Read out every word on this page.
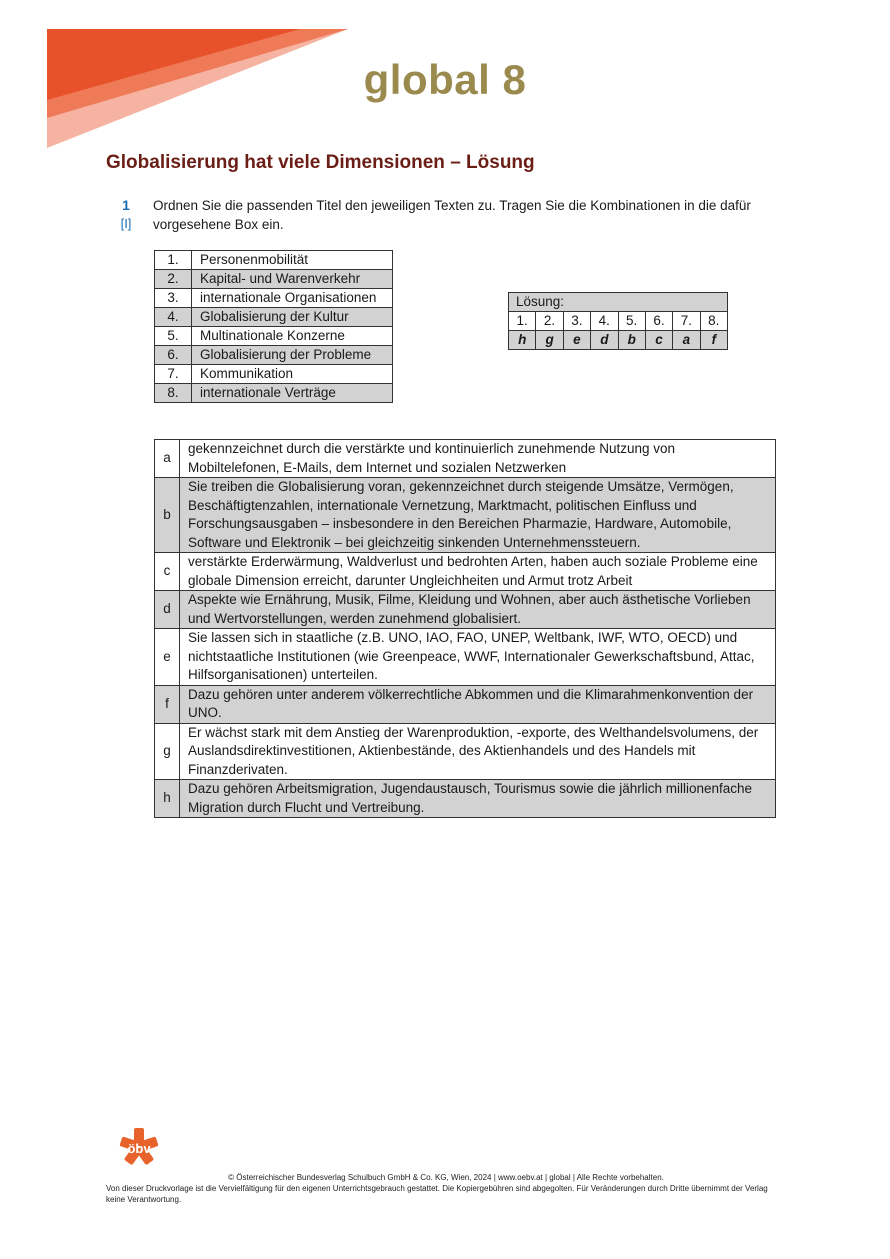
global 8
Globalisierung hat viele Dimensionen – Lösung
1
[I]
Ordnen Sie die passenden Titel den jeweiligen Texten zu. Tragen Sie die Kombinationen in die dafür vorgesehene Box ein.
1.	Personenmobilität
2.	Kapital- und Warenverkehr
3.	internationale Organisationen
4.	Globalisierung der Kultur
5.	Multinationale Konzerne
6.	Globalisierung der Probleme
7.	Kommunikation
8.	internationale Verträge
Lösung:							
1.	2.	3.	4.	5.	6.	7.	8.
h	g	e	d	b	c	a	f
a	gekennzeichnet durch die verstärkte und kontinuierlich zunehmende Nutzung von Mobiltelefonen, E-Mails, dem Internet und sozialen Netzwerken
b	Sie treiben die Globalisierung voran, gekennzeichnet durch steigende Umsätze, Vermögen, Beschäftigtenzahlen, internationale Vernetzung, Marktmacht, politischen Einfluss und Forschungsausgaben – insbesondere in den Bereichen Pharmazie, Hardware, Automobile, Software und Elektronik – bei gleichzeitig sinkenden Unternehmenssteuern.
c	verstärkte Erderwärmung, Waldverlust und bedrohten Arten, haben auch soziale Probleme eine globale Dimension erreicht, darunter Ungleichheiten und Armut trotz Arbeit
d	Aspekte wie Ernährung, Musik, Filme, Kleidung und Wohnen, aber auch ästhetische Vorlieben und Wertvorstellungen, werden zunehmend globalisiert.
e	Sie lassen sich in staatliche (z.B. UNO, IAO, FAO, UNEP, Weltbank, IWF, WTO, OECD) und nichtstaatliche Institutionen (wie Greenpeace, WWF, Internationaler Gewerkschaftsbund, Attac, Hilfsorganisationen) unterteilen.
f	Dazu gehören unter anderem völkerrechtliche Abkommen und die Klimarahmenkonvention der UNO.
g	Er wächst stark mit dem Anstieg der Warenproduktion, -exporte, des Welthandelsvolumens, der Auslandsdirektinvestitionen, Aktienbestände, des Aktienhandels und des Handels mit Finanzderivaten.
h	Dazu gehören Arbeitsmigration, Jugendaustausch, Tourismus sowie die jährlich millionenfache Migration durch Flucht und Vertreibung.
öbv
© Österreichischer Bundesverlag Schulbuch GmbH & Co. KG, Wien, 2024 | www.oebv.at | global | Alle Rechte vorbehalten.
Von dieser Druckvorlage ist die Vervielfältigung für den eigenen Unterrichtsgebrauch gestattet. Die Kopiergebühren sind abgegolten. Für Veränderungen durch Dritte übernimmt der Verlag keine Verantwortung.
